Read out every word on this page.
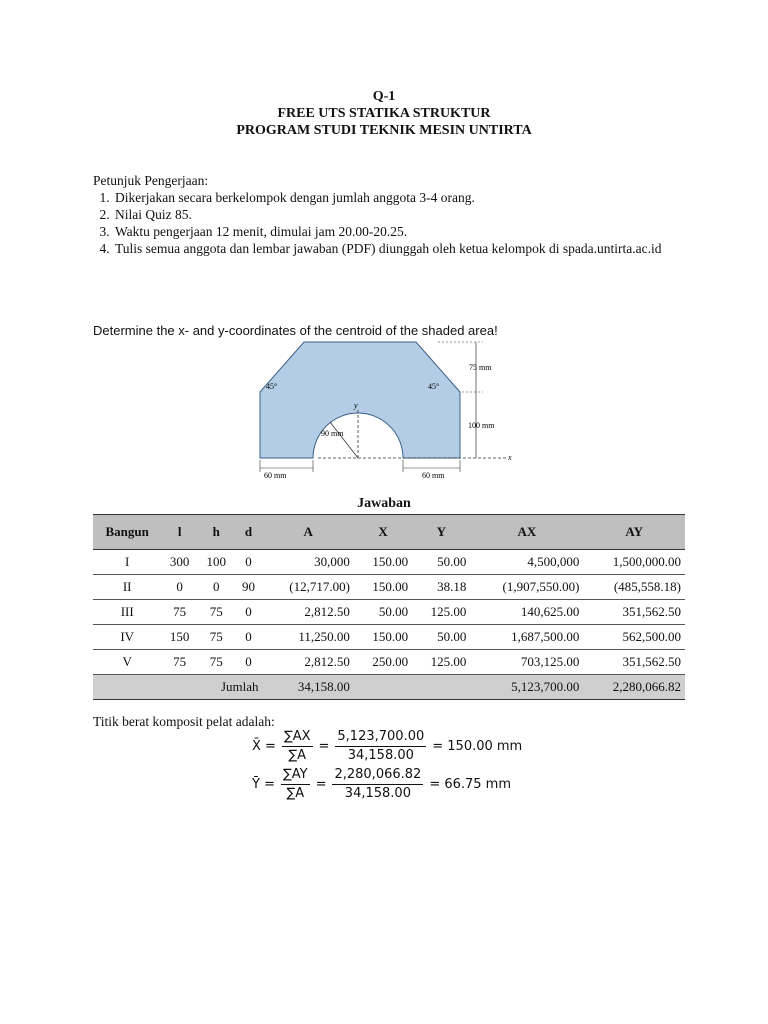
Q-1
FREE UTS STATIKA STRUKTUR
PROGRAM STUDI TEKNIK MESIN UNTIRTA
Petunjuk Pengerjaan:
1. Dikerjakan secara berkelompok dengan jumlah anggota 3-4 orang.
2. Nilai Quiz 85.
3. Waktu pengerjaan 12 menit, dimulai jam 20.00-20.25.
4. Tulis semua anggota dan lembar jawaban (PDF) diunggah oleh ketua kelompok di spada.untirta.ac.id
Determine the x- and y-coordinates of the centroid of the shaded area!
45°	45°
75 mm
100 mm
90 mm
y
x
60 mm	60 mm
Jawaban
Bangun	l	h	d	A	X	Y	AX	AY
I	300	100	0	30,000	150.00	50.00	4,500,000	1,500,000.00
II	0	0	90	(12,717.00)	150.00	38.18	(1,907,550.00)	(485,558.18)
III	75	75	0	2,812.50	50.00	125.00	140,625.00	351,562.50
IV	150	75	0	11,250.00	150.00	50.00	1,687,500.00	562,500.00
V	75	75	0	2,812.50	250.00	125.00	703,125.00	351,562.50
Jumlah				34,158.00			5,123,700.00	2,280,066.82
Titik berat komposit pelat adalah:
X̄ = $\frac{\sum AX}{\sum A} = \frac{5,123,700.00}{34,158.00} = 150.00$ mm
Ȳ = $\frac{\sum AY}{\sum A} = \frac{2,280,066.82}{34,158.00} = 66.75$ mm
